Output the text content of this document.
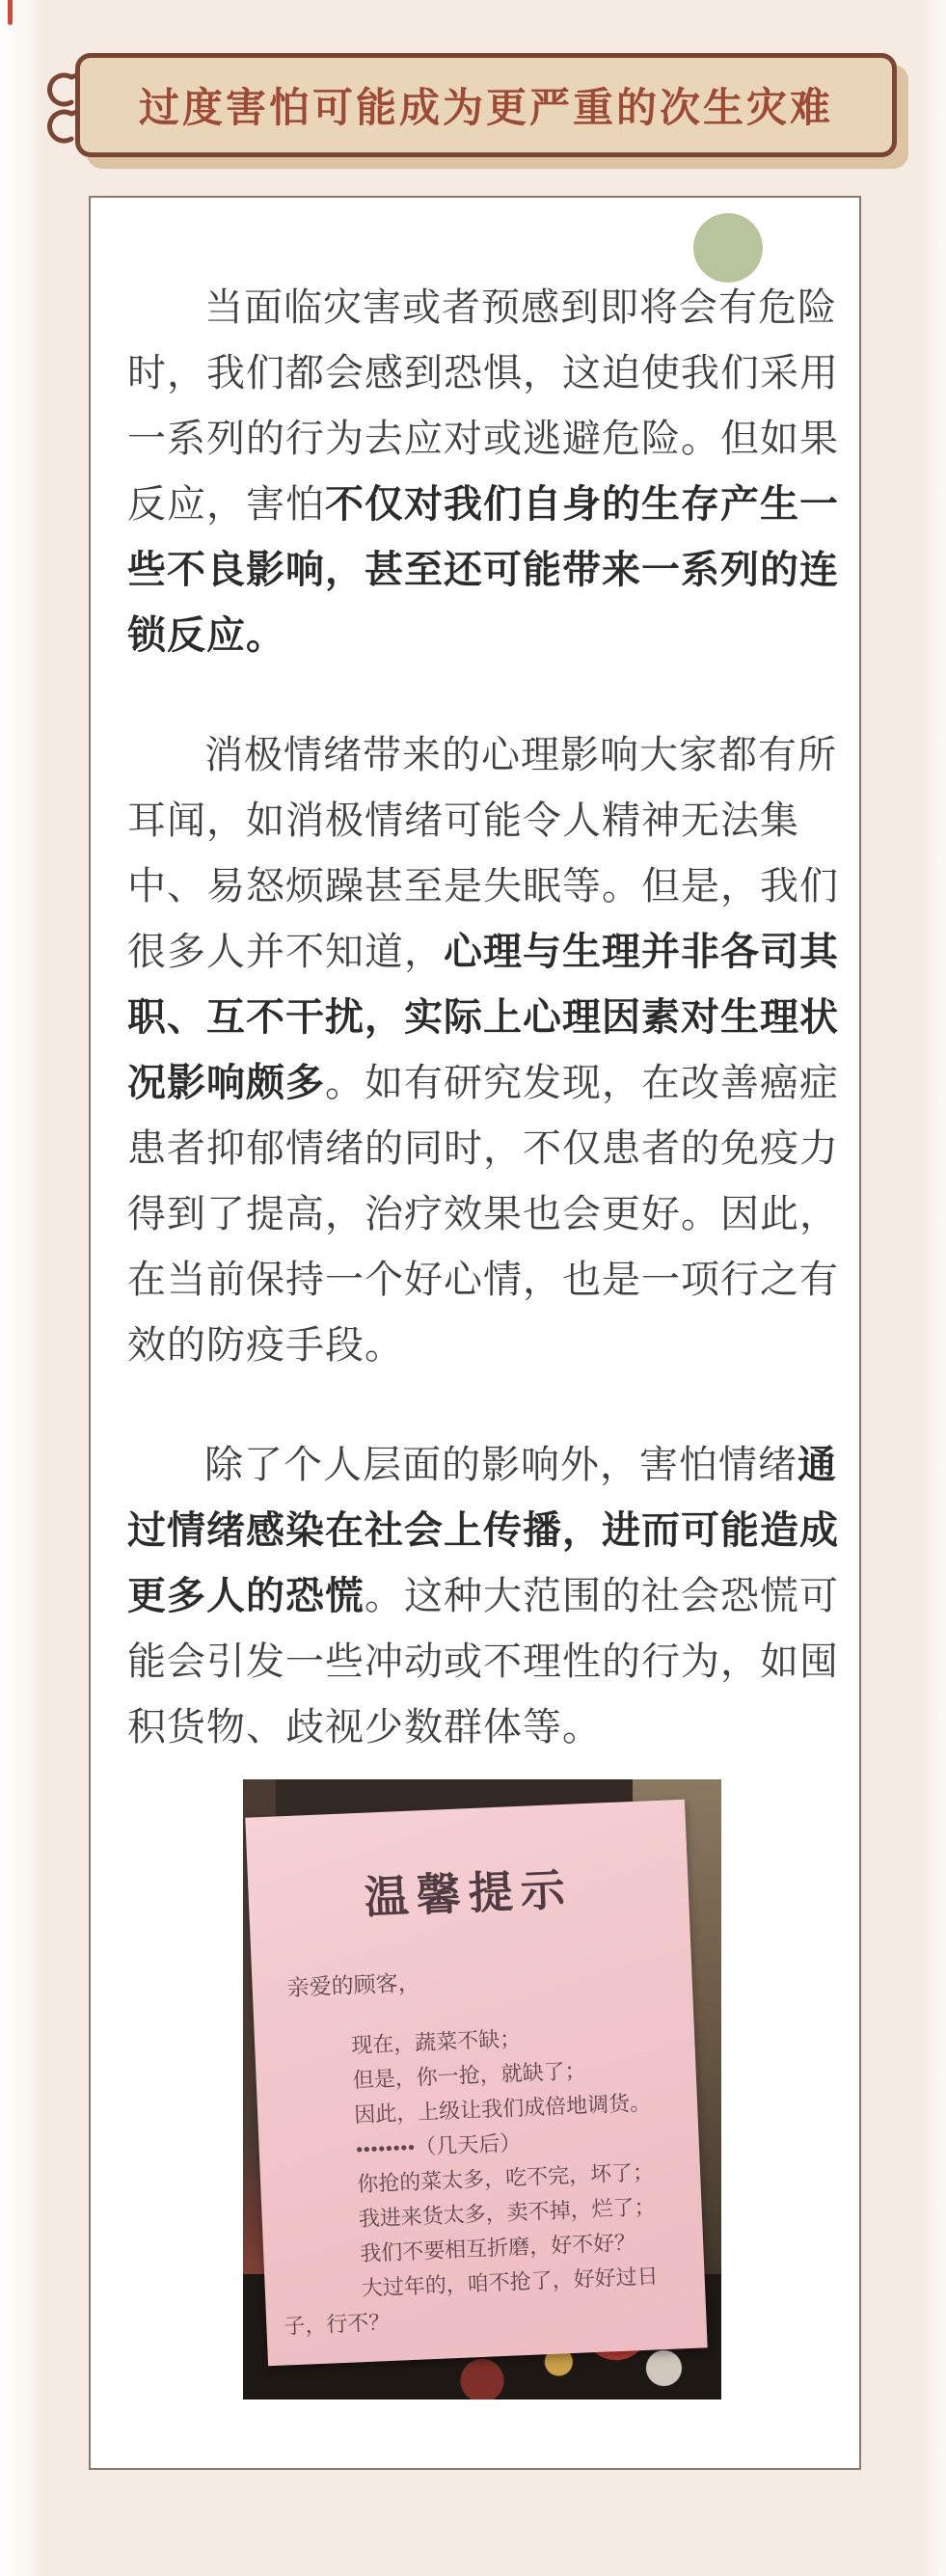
过度害怕可能成为更严重的次生灾难
当面临灾害或者预感到即将会有危险
时，我们都会感到恐惧，这迫使我们采用
一系列的行为去应对或逃避危险。但如果
反应，害怕不仅对我们自身的生存产生一
些不良影响，甚至还可能带来一系列的连
锁反应。
消极情绪带来的心理影响大家都有所
耳闻，如消极情绪可能令人精神无法集
中、易怒烦躁甚至是失眠等。但是，我们
很多人并不知道，心理与生理并非各司其
职、互不干扰，实际上心理因素对生理状
况影响颇多。如有研究发现，在改善癌症
患者抑郁情绪的同时，不仅患者的免疫力
得到了提高，治疗效果也会更好。因此，
在当前保持一个好心情，也是一项行之有
效的防疫手段。
除了个人层面的影响外，害怕情绪通
过情绪感染在社会上传播，进而可能造成
更多人的恐慌。这种大范围的社会恐慌可
能会引发一些冲动或不理性的行为，如囤
积货物、歧视少数群体等。
温馨提示
亲爱的顾客，
现在，蔬菜不缺；
但是，你一抢，就缺了；
因此，上级让我们成倍地调货。
••••••••（几天后）
你抢的菜太多，吃不完，坏了；
我进来货太多，卖不掉，烂了；
我们不要相互折磨，好不好？
大过年的，咱不抢了，好好过日
子，行不？
